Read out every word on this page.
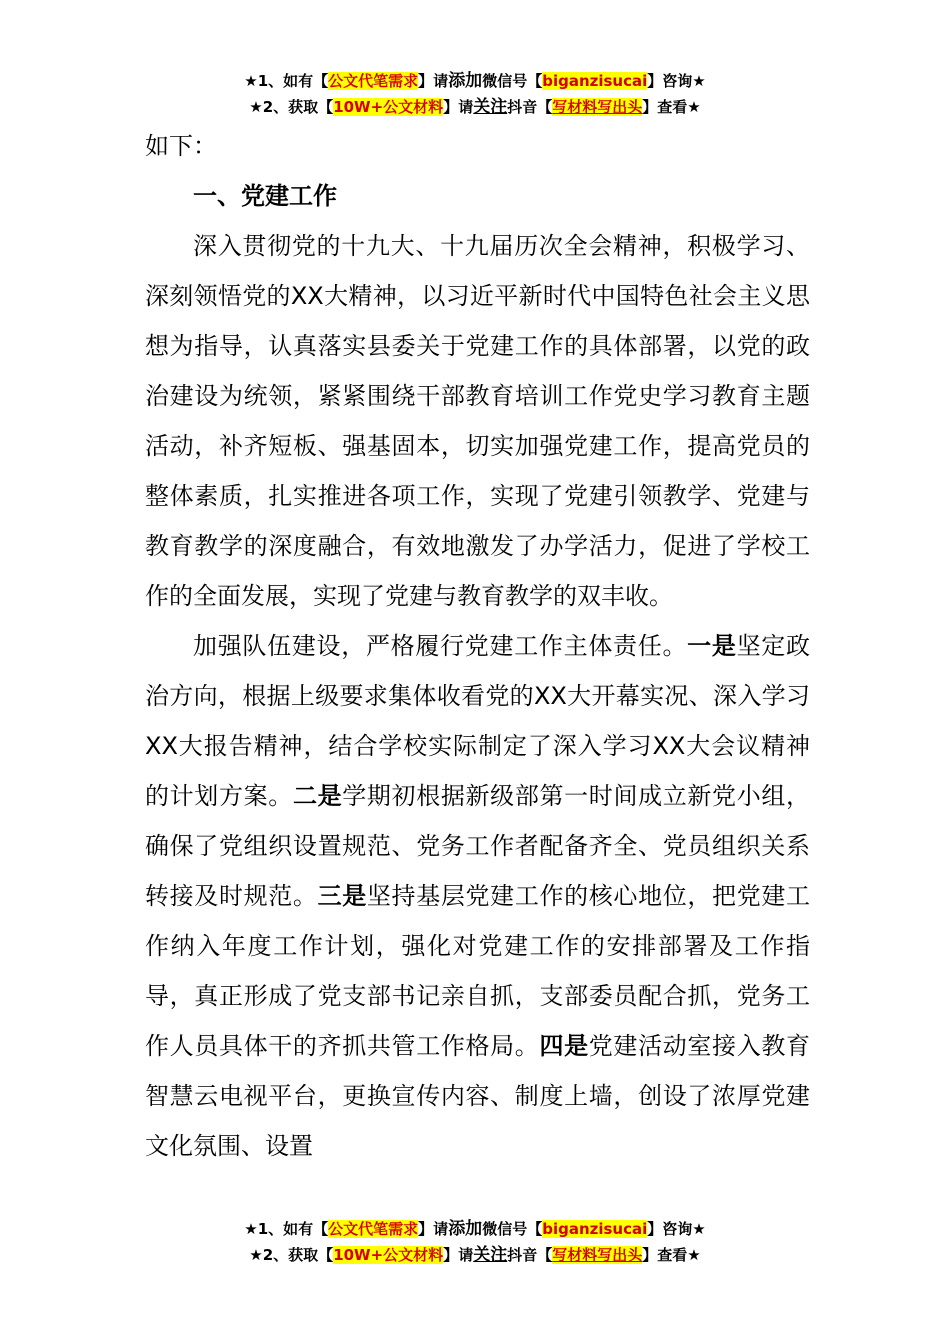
★1、如有【公文代笔需求】请添加微信号【biganzisucai】咨询★
★2、获取【10W+公文材料】请关注抖音【写材料写出头】查看★

如下：

一、党建工作

深入贯彻党的十九大、十九届历次全会精神，积极学习、深刻领悟党的XX大精神，以习近平新时代中国特色社会主义思想为指导，认真落实县委关于党建工作的具体部署，以党的政治建设为统领，紧紧围绕干部教育培训工作党史学习教育主题活动，补齐短板、强基固本，切实加强党建工作，提高党员的整体素质，扎实推进各项工作，实现了党建引领教学、党建与教育教学的深度融合，有效地激发了办学活力，促进了学校工作的全面发展，实现了党建与教育教学的双丰收。

加强队伍建设，严格履行党建工作主体责任。一是坚定政治方向，根据上级要求集体收看党的XX大开幕实况、深入学习XX大报告精神，结合学校实际制定了深入学习XX大会议精神的计划方案。二是学期初根据新级部第一时间成立新党小组，确保了党组织设置规范、党务工作者配备齐全、党员组织关系转接及时规范。三是坚持基层党建工作的核心地位，把党建工作纳入年度工作计划，强化对党建工作的安排部署及工作指导，真正形成了党支部书记亲自抓，支部委员配合抓，党务工作人员具体干的齐抓共管工作格局。四是党建活动室接入教育智慧云电视平台，更换宣传内容、制度上墙，创设了浓厚党建文化氛围、设置

★1、如有【公文代笔需求】请添加微信号【biganzisucai】咨询★
★2、获取【10W+公文材料】请关注抖音【写材料写出头】查看★
